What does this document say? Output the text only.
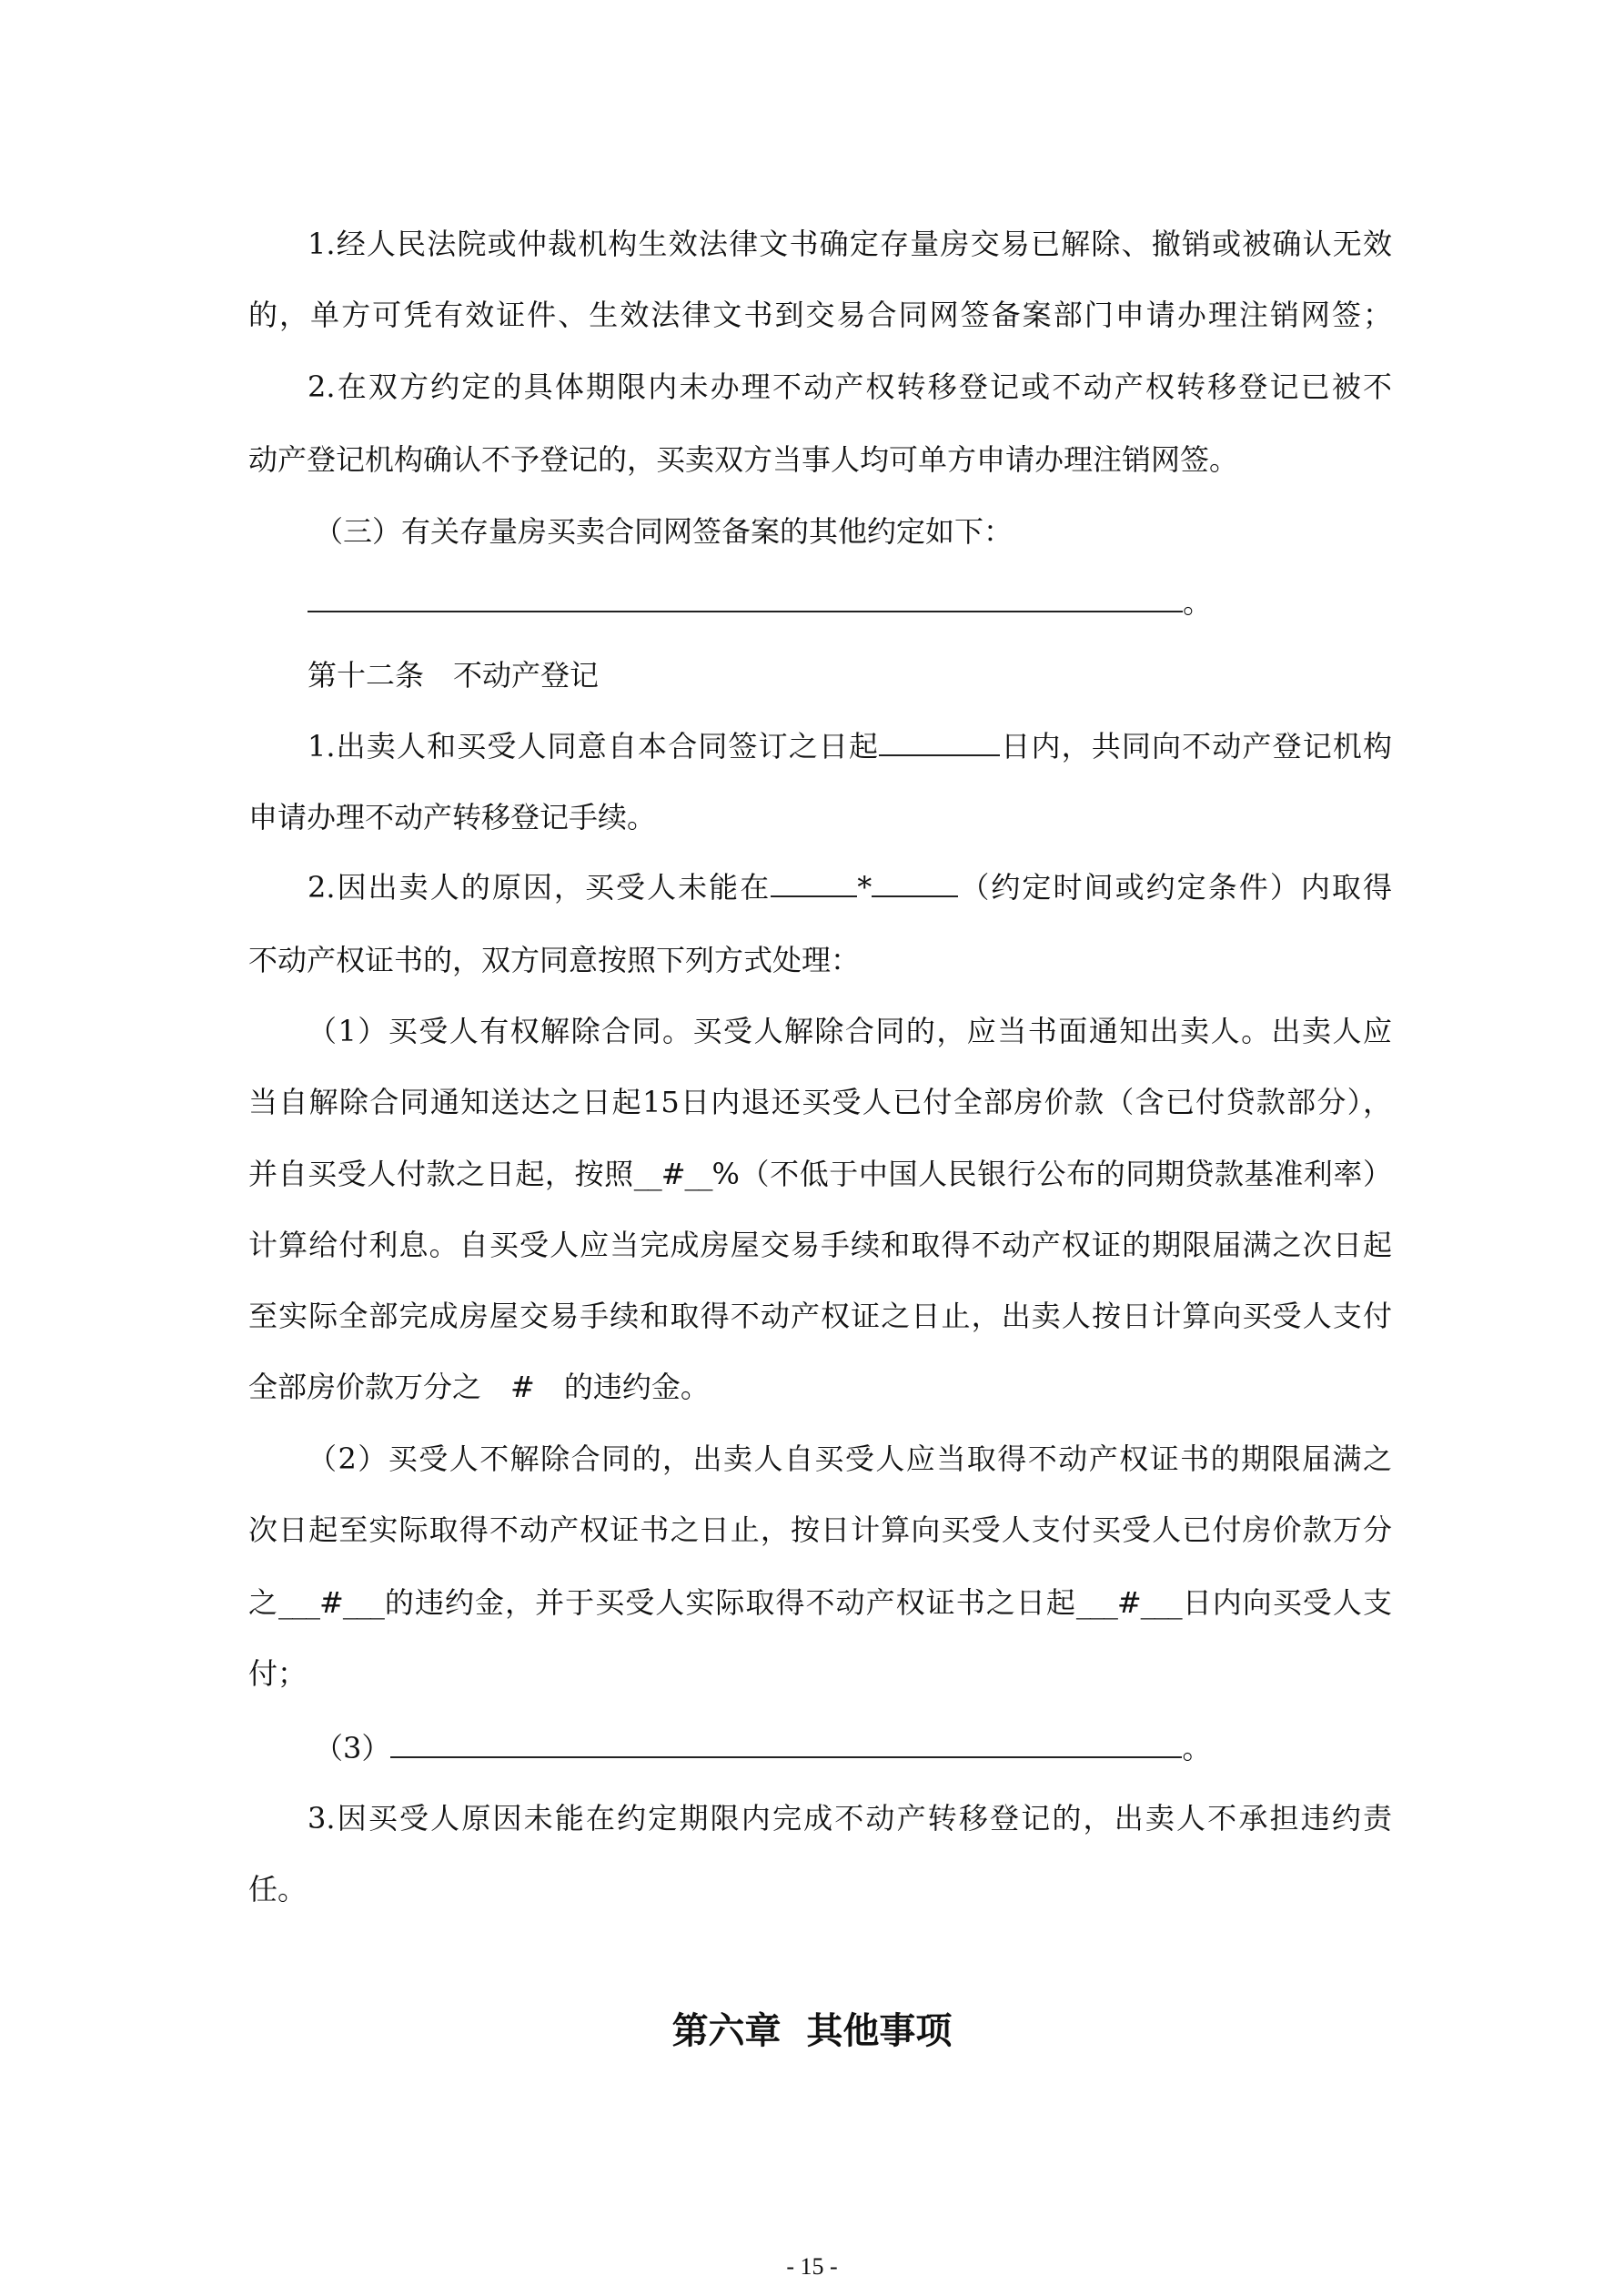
1.经人民法院或仲裁机构生效法律文书确定存量房交易已解除、撤销或被确认无效
的，单方可凭有效证件、生效法律文书到交易合同网签备案部门申请办理注销网签；
2.在双方约定的具体期限内未办理不动产权转移登记或不动产权转移登记已被不
动产登记机构确认不予登记的，买卖双方当事人均可单方申请办理注销网签。
（三）有关存量房买卖合同网签备案的其他约定如下：
。
第十二条　不动产登记
1.出卖人和买受人同意自本合同签订之日起	日内，共同向不动产登记机构
申请办理不动产转移登记手续。
2.因出卖人的原因，买受人未能在	*	（约定时间或约定条件）内取得
不动产权证书的，双方同意按照下列方式处理：
（1）买受人有权解除合同。买受人解除合同的，应当书面通知出卖人。出卖人应
当自解除合同通知送达之日起15日内退还买受人已付全部房价款（含已付贷款部分），
并自买受人付款之日起，按照__#__%（不低于中国人民银行公布的同期贷款基准利率）
计算给付利息。自买受人应当完成房屋交易手续和取得不动产权证的期限届满之次日起
至实际全部完成房屋交易手续和取得不动产权证之日止，出卖人按日计算向买受人支付
全部房价款万分之　#　的违约金。
（2）买受人不解除合同的，出卖人自买受人应当取得不动产权证书的期限届满之
次日起至实际取得不动产权证书之日止，按日计算向买受人支付买受人已付房价款万分
之___#___的违约金，并于买受人实际取得不动产权证书之日起___#___日内向买受人支
付；
（3）	。
3.因买受人原因未能在约定期限内完成不动产转移登记的，出卖人不承担违约责
任。
第六章  其他事项
- 15 -
